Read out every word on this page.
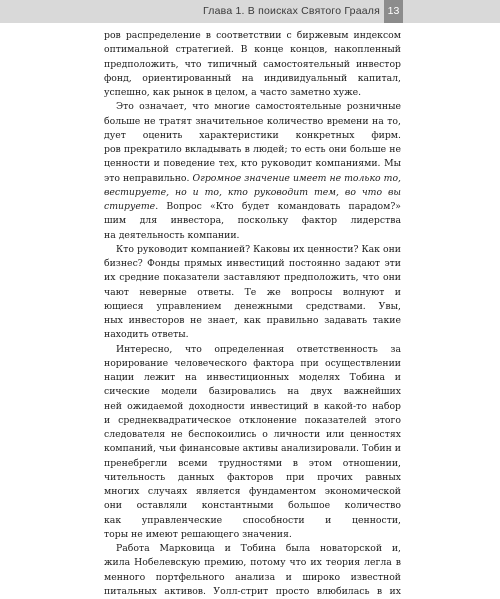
Глава 1. В поисках Святого Грааля 13
ров распределение в соответствии с биржевым индексом
оптимальной стратегией. В конце концов, накопленный
предположить, что типичный самостоятельный инвестор
фонд, ориентированный на индивидуальный капитал,
успешно, как рынок в целом, а часто заметно хуже.
Это означает, что многие самостоятельные розничные
больше не тратят значительное количество времени на то,
дует оценить характеристики конкретных фирм.
ров прекратило вкладывать в людей; то есть они больше не
ценности и поведение тех, кто руководит компаниями. Мы
это неправильно. Огромное значение имеет не только то,
вестируете, но и то, кто руководит тем, во что вы
стируете. Вопрос «Кто будет командовать парадом?»
шим для инвестора, поскольку фактор лидерства
на деятельность компании.
Кто руководит компанией? Каковы их ценности? Как они
бизнес? Фонды прямых инвестиций постоянно задают эти
их средние показатели заставляют предположить, что они
чают неверные ответы. Те же вопросы волнуют и
ющиеся управлением денежными средствами. Увы,
ных инвесторов не знает, как правильно задавать такие
находить ответы.
Интересно, что определенная ответственность за
норирование человеческого фактора при осуществлении
нации лежит на инвестиционных моделях Тобина и
сические модели базировались на двух важнейших
ней ожидаемой доходности инвестиций в какой-то набор
и среднеквадратическое отклонение показателей этого
следователя не беспокоились о личности или ценностях
компаний, чьи финансовые активы анализировали. Тобин и
пренебрегли всеми трудностями в этом отношении,
чительность данных факторов при прочих равных
многих случаях является фундаментом экономической
они оставляли константными большое количество
как управленческие способности и ценности,
торы не имеют решающего значения.
Работа Марковица и Тобина была новаторской и,
жила Нобелевскую премию, потому что их теория легла в
менного портфельного анализа и широко известной
питальных активов. Уолл-стрит просто влюбилась в их
